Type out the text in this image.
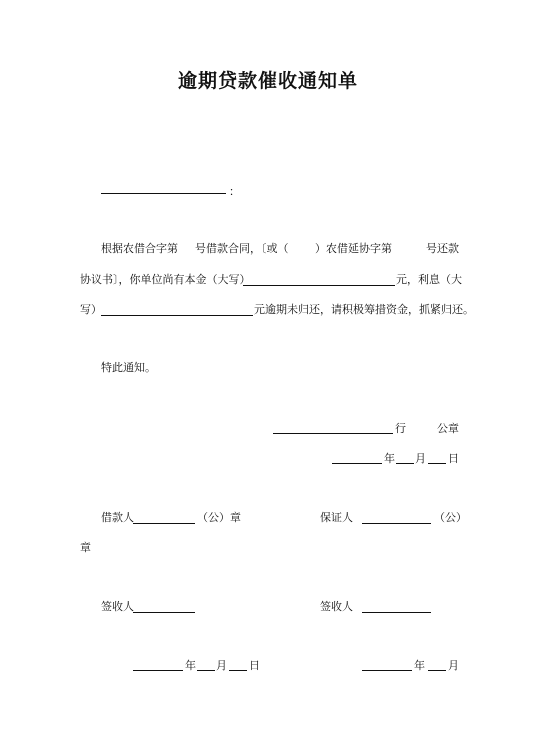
逾期贷款催收通知单
：
根据农借合字第 号借款合同，〔或（ ）农借延协字第	号还款
协议书〕，你单位尚有本金（大写）	元，利息（大
写）	元逾期未归还，请积极筹措资金，抓紧归还。
特此通知。
行	公章
年 月 日
借款人	（公）章	保证人	（公）
章
签收人	签收人
年 月 日	年 月
